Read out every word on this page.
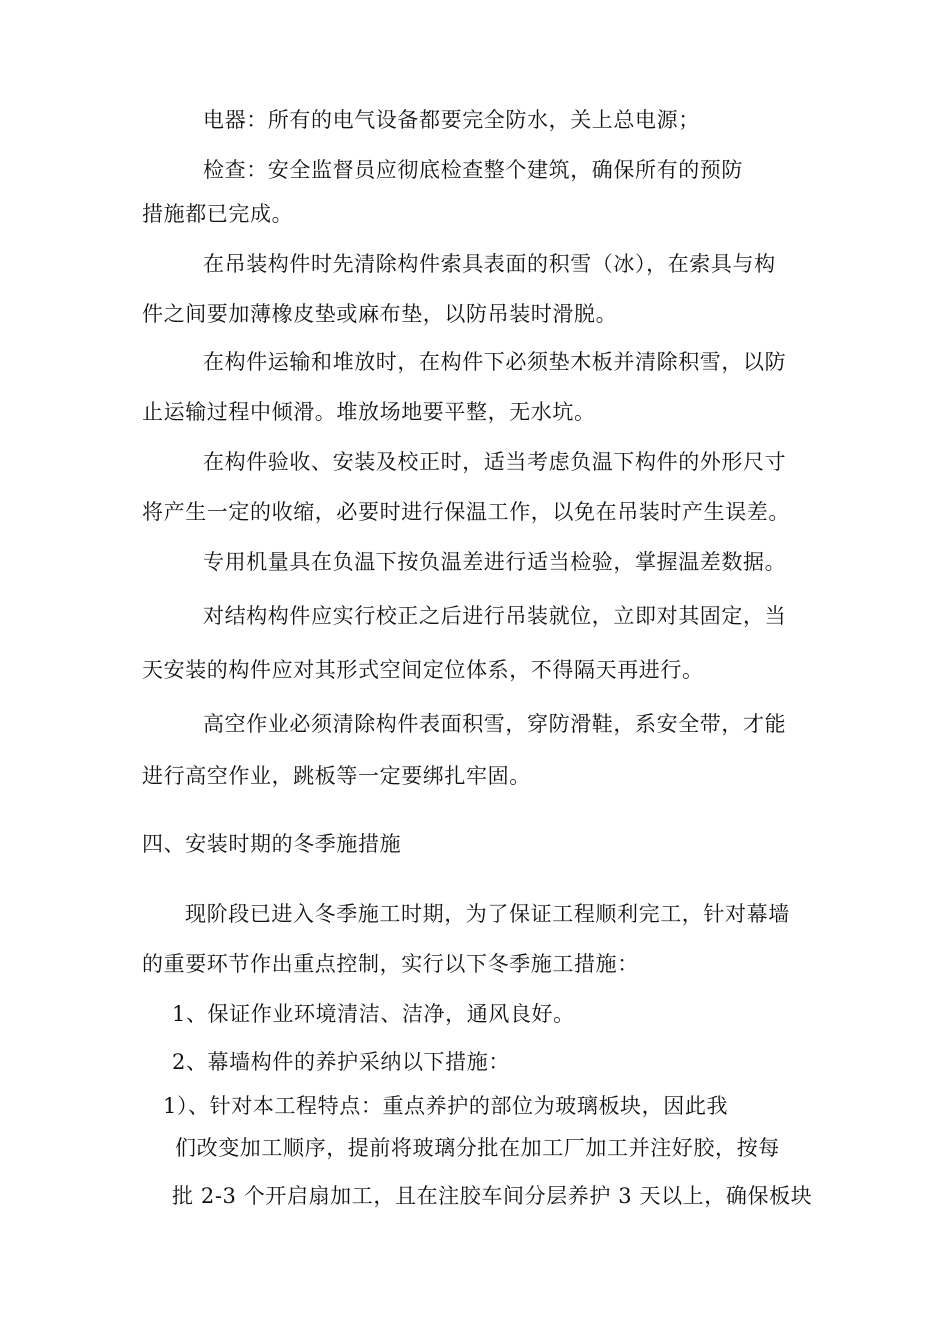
电器：所有的电气设备都要完全防水，关上总电源；
检查：安全监督员应彻底检查整个建筑，确保所有的预防
措施都已完成。
在吊装构件时先清除构件索具表面的积雪（冰），在索具与构
件之间要加薄橡皮垫或麻布垫，以防吊装时滑脱。
在构件运输和堆放时，在构件下必须垫木板并清除积雪，以防
止运输过程中倾滑。堆放场地要平整，无水坑。
在构件验收、安装及校正时，适当考虑负温下构件的外形尺寸
将产生一定的收缩，必要时进行保温工作，以免在吊装时产生误差。
专用机量具在负温下按负温差进行适当检验，掌握温差数据。
对结构构件应实行校正之后进行吊装就位，立即对其固定，当
天安装的构件应对其形式空间定位体系，不得隔天再进行。
高空作业必须清除构件表面积雪，穿防滑鞋，系安全带，才能
进行高空作业，跳板等一定要绑扎牢固。
四、安装时期的冬季施措施
现阶段已进入冬季施工时期，为了保证工程顺利完工，针对幕墙
的重要环节作出重点控制，实行以下冬季施工措施：
1、保证作业环境清洁、洁净，通风良好。
2、幕墙构件的养护采纳以下措施：
1）、针对本工程特点：重点养护的部位为玻璃板块，因此我
们改变加工顺序，提前将玻璃分批在加工厂加工并注好胶，按每
批 2-3 个开启扇加工，且在注胶车间分层养护 3 天以上，确保板块
